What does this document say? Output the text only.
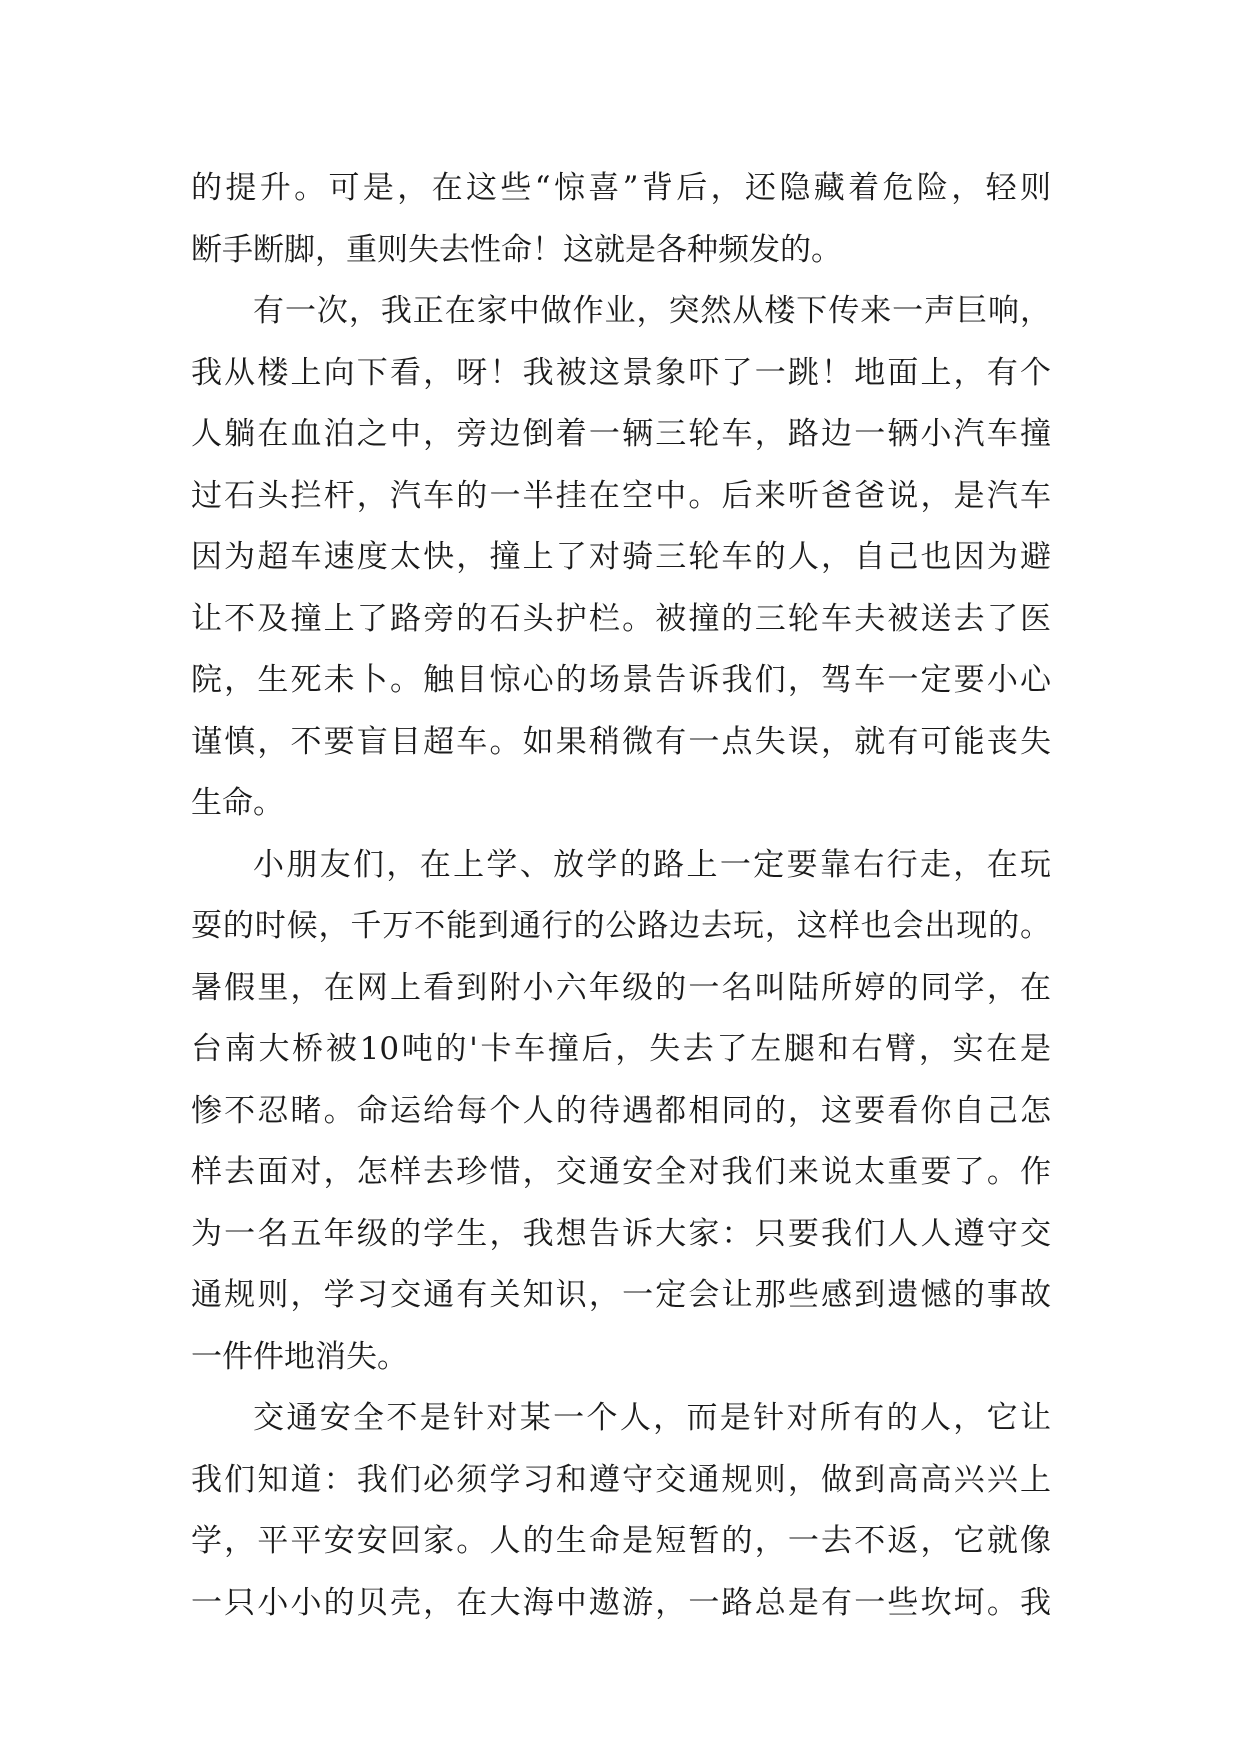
的提升。可是，在这些“惊喜”背后，还隐藏着危险，轻则
断手断脚，重则失去性命！这就是各种频发的。
有一次，我正在家中做作业，突然从楼下传来一声巨响，
我从楼上向下看，呀！我被这景象吓了一跳！地面上，有个
人躺在血泊之中，旁边倒着一辆三轮车，路边一辆小汽车撞
过石头拦杆，汽车的一半挂在空中。后来听爸爸说，是汽车
因为超车速度太快，撞上了对骑三轮车的人，自己也因为避
让不及撞上了路旁的石头护栏。被撞的三轮车夫被送去了医
院，生死未卜。触目惊心的场景告诉我们，驾车一定要小心
谨慎，不要盲目超车。如果稍微有一点失误，就有可能丧失
生命。
小朋友们，在上学、放学的路上一定要靠右行走，在玩
耍的时候，千万不能到通行的公路边去玩，这样也会出现的。
暑假里，在网上看到附小六年级的一名叫陆所婷的同学，在
台南大桥被10吨的'卡车撞后，失去了左腿和右臂，实在是
惨不忍睹。命运给每个人的待遇都相同的，这要看你自己怎
样去面对，怎样去珍惜，交通安全对我们来说太重要了。作
为一名五年级的学生，我想告诉大家：只要我们人人遵守交
通规则，学习交通有关知识，一定会让那些感到遗憾的事故
一件件地消失。
交通安全不是针对某一个人，而是针对所有的人，它让
我们知道：我们必须学习和遵守交通规则，做到高高兴兴上
学，平平安安回家。人的生命是短暂的，一去不返，它就像
一只小小的贝壳，在大海中遨游，一路总是有一些坎坷。我
